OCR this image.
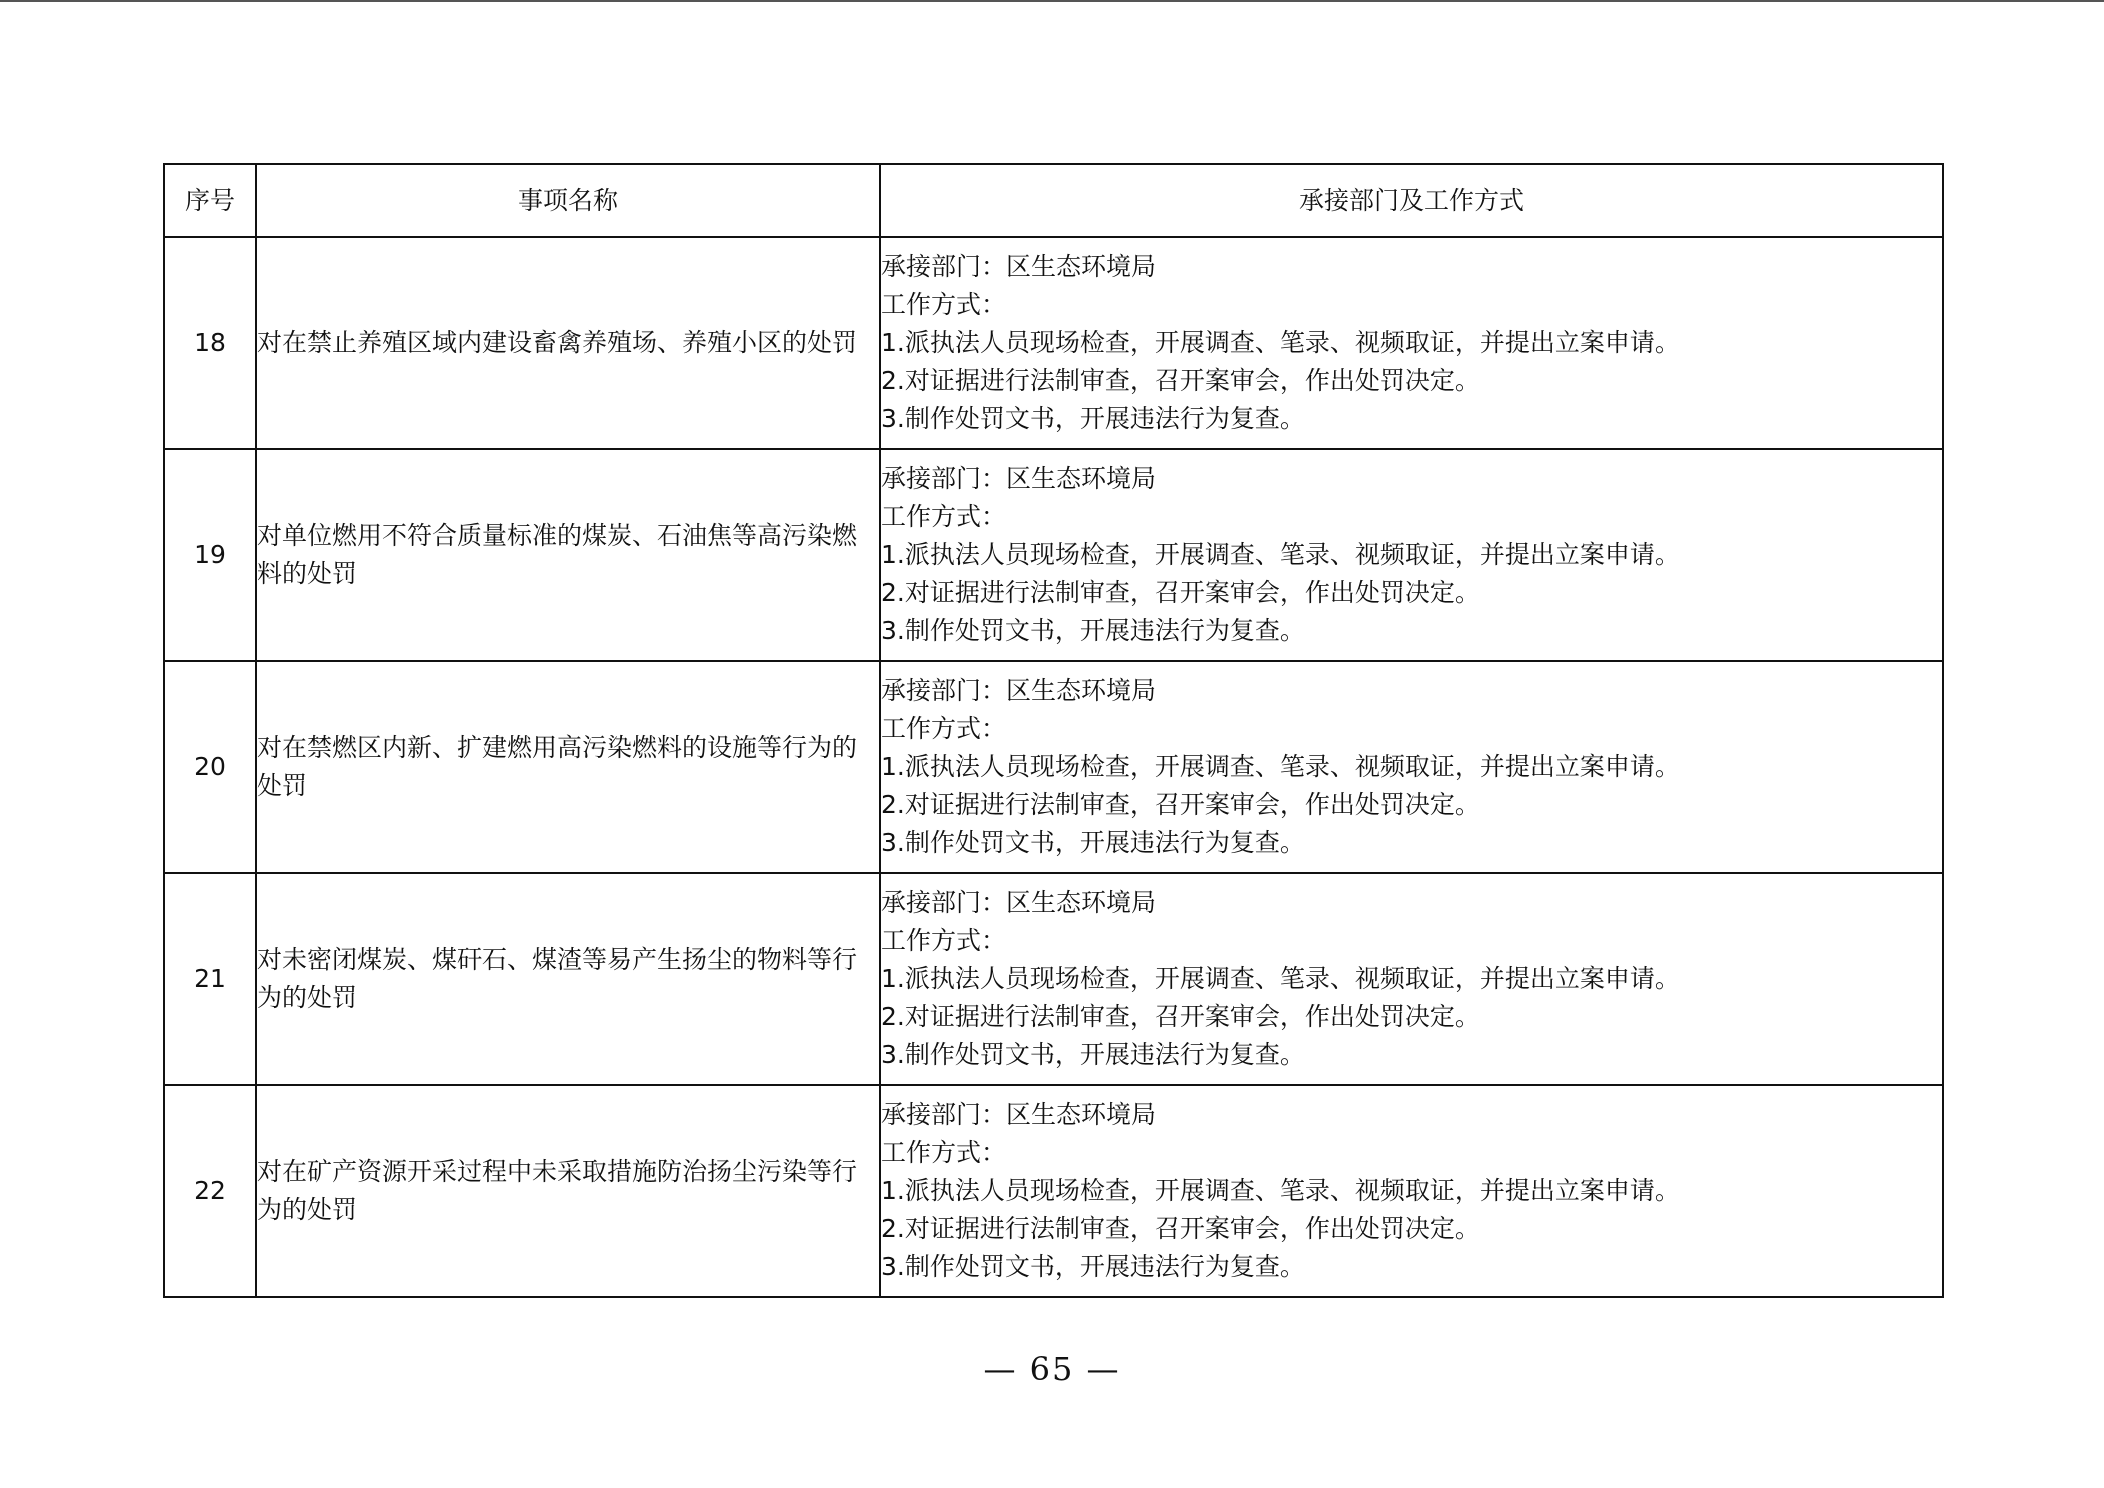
序号	事项名称	承接部门及工作方式
18	对在禁止养殖区域内建设畜禽养殖场、养殖小区的处罚	承接部门：区生态环境局
工作方式：
1.派执法人员现场检查，开展调查、笔录、视频取证，并提出立案申请。
2.对证据进行法制审查，召开案审会，作出处罚决定。
3.制作处罚文书，开展违法行为复查。

19	对单位燃用不符合质量标准的煤炭、石油焦等高污染燃料的处罚	承接部门：区生态环境局
工作方式：
1.派执法人员现场检查，开展调查、笔录、视频取证，并提出立案申请。
2.对证据进行法制审查，召开案审会，作出处罚决定。
3.制作处罚文书，开展违法行为复查。

20	对在禁燃区内新、扩建燃用高污染燃料的设施等行为的处罚	承接部门：区生态环境局
工作方式：
1.派执法人员现场检查，开展调查、笔录、视频取证，并提出立案申请。
2.对证据进行法制审查，召开案审会，作出处罚决定。
3.制作处罚文书，开展违法行为复查。

21	对未密闭煤炭、煤矸石、煤渣等易产生扬尘的物料等行为的处罚	承接部门：区生态环境局
工作方式：
1.派执法人员现场检查，开展调查、笔录、视频取证，并提出立案申请。
2.对证据进行法制审查，召开案审会，作出处罚决定。
3.制作处罚文书，开展违法行为复查。

22	对在矿产资源开采过程中未采取措施防治扬尘污染等行为的处罚	承接部门：区生态环境局
工作方式：
1.派执法人员现场检查，开展调查、笔录、视频取证，并提出立案申请。
2.对证据进行法制审查，召开案审会，作出处罚决定。
3.制作处罚文书，开展违法行为复查。
— 65 —
